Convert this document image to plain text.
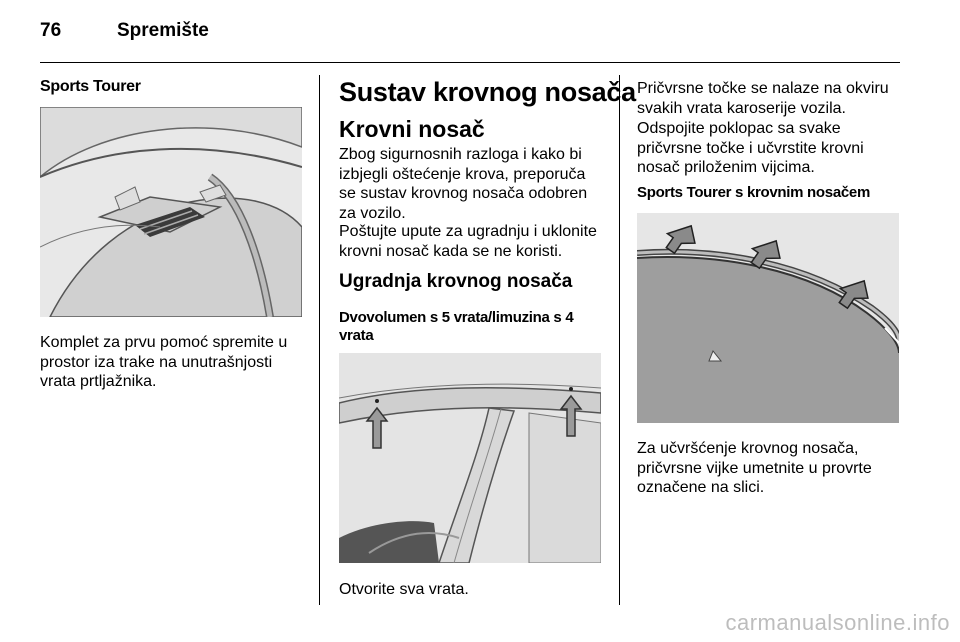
76	Spremište
Sports Tourer
Komplet za prvu pomoć spremite u prostor iza trake na unutrašnjosti vrata prtljažnika.
Sustav krovnog nosača
Krovni nosač
Zbog sigurnosnih razloga i kako bi izbjegli oštećenje krova, preporuča se sustav krovnog nosača odobren za vozilo.
Poštujte upute za ugradnju i uklonite krovni nosač kada se ne koristi.
Ugradnja krovnog nosača
Dvovolumen s 5 vrata/limuzina s 4 vrata
Otvorite sva vrata.
Pričvrsne točke se nalaze na okviru svakih vrata karoserije vozila.
Odspojite poklopac sa svake pričvrsne točke i učvrstite krovni nosač priloženim vijcima.
Sports Tourer s krovnim nosačem
Za učvršćenje krovnog nosača, pričvrsne vijke umetnite u provrte označene na slici.
carmanualsonline.info
